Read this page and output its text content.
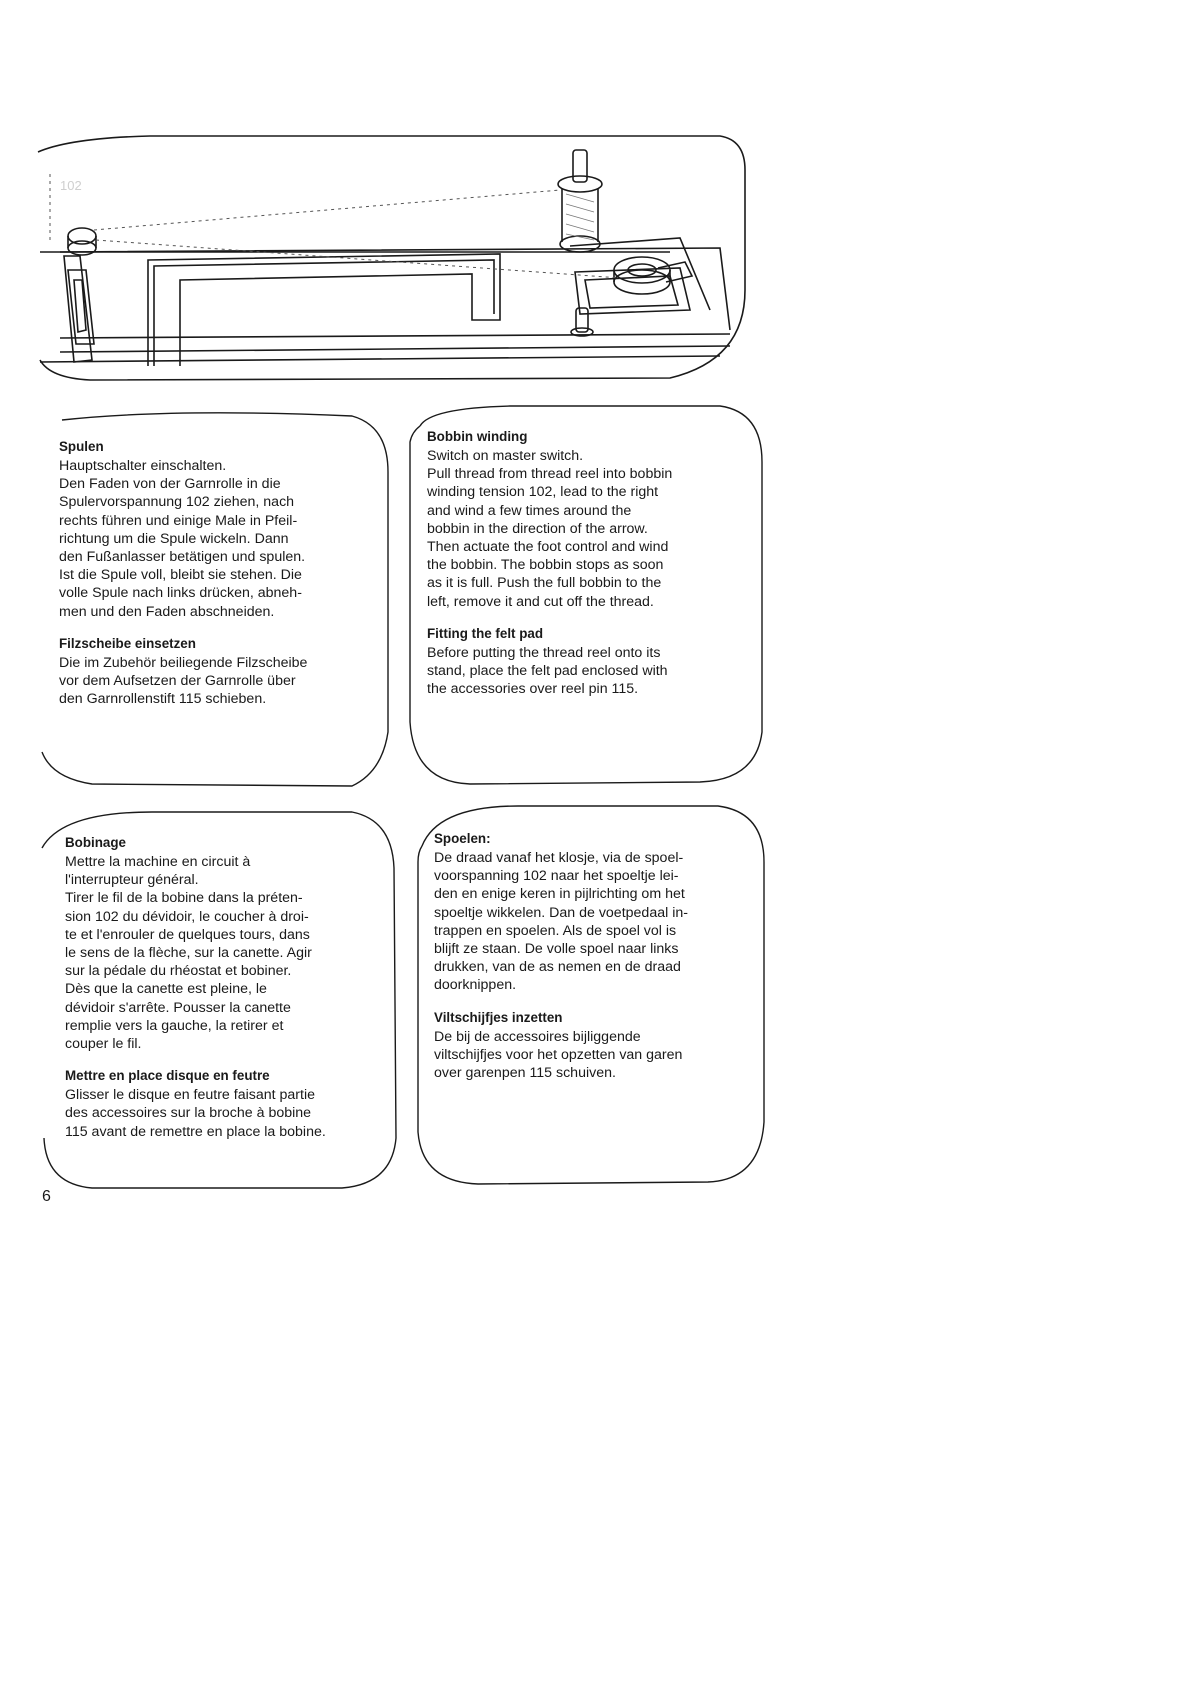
102
Spulen

Hauptschalter einschalten.
Den Faden von der Garnrolle in die
Spulervorspannung 102 ziehen, nach
rechts führen und einige Male in Pfeil-
richtung um die Spule wickeln. Dann
den Fußanlasser betätigen und spulen.
Ist die Spule voll, bleibt sie stehen. Die
volle Spule nach links drücken, abneh-
men und den Faden abschneiden.

Filzscheibe einsetzen

Die im Zubehör beiliegende Filzscheibe
vor dem Aufsetzen der Garnrolle über
den Garnrollenstift 115 schieben.

Bobbin winding

Switch on master switch.
Pull thread from thread reel into bobbin
winding tension 102, lead to the right
and wind a few times around the
bobbin in the direction of the arrow.
Then actuate the foot control and wind
the bobbin. The bobbin stops as soon
as it is full. Push the full bobbin to the
left, remove it and cut off the thread.

Fitting the felt pad

Before putting the thread reel onto its
stand, place the felt pad enclosed with
the accessories over reel pin 115.

Bobinage

Mettre la machine en circuit à
l'interrupteur général.
Tirer le fil de la bobine dans la préten-
sion 102 du dévidoir, le coucher à droi-
te et l'enrouler de quelques tours, dans
le sens de la flèche, sur la canette. Agir
sur la pédale du rhéostat et bobiner.
Dès que la canette est pleine, le
dévidoir s'arrête. Pousser la canette
remplie vers la gauche, la retirer et
couper le fil.

Mettre en place disque en feutre

Glisser le disque en feutre faisant partie
des accessoires sur la broche à bobine
115 avant de remettre en place la bobine.

Spoelen:

De draad vanaf het klosje, via de spoel-
voorspanning 102 naar het spoeltje lei-
den en enige keren in pijlrichting om het
spoeltje wikkelen. Dan de voetpedaal in-
trappen en spoelen. Als de spoel vol is
blijft ze staan. De volle spoel naar links
drukken, van de as nemen en de draad
doorknippen.

Viltschijfjes inzetten

De bij de accessoires bijliggende
viltschijfjes voor het opzetten van garen
over garenpen 115 schuiven.

6
